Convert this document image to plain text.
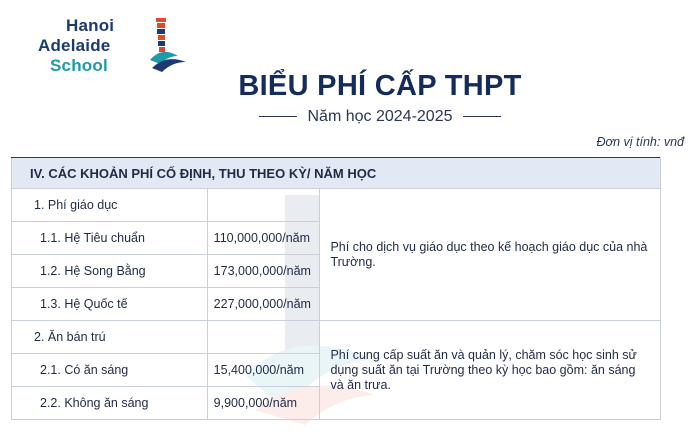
Hanoi
Adelaide
School
BIỂU PHÍ CẤP THPT
Năm học 2024-2025
Đơn vị tính: vnđ
IV. CÁC KHOẢN PHÍ CỐ ĐỊNH, THU THEO KỲ/ NĂM HỌC		
1. Phí giáo dục		Phí cho dịch vụ giáo dục theo kế hoạch giáo dục của nhà Trường.
1.1. Hệ Tiêu chuẩn	110,000,000/năm	
1.2. Hệ Song Bằng	173,000,000/năm	
1.3. Hệ Quốc tế	227,000,000/năm	
2. Ăn bán trú		Phí cung cấp suất ăn và quản lý, chăm sóc học sinh sử dụng suất ăn tại Trường theo kỳ học bao gồm: ăn sáng và ăn trưa.
2.1. Có ăn sáng	15,400,000/năm	
2.2. Không ăn sáng	9,900,000/năm	
